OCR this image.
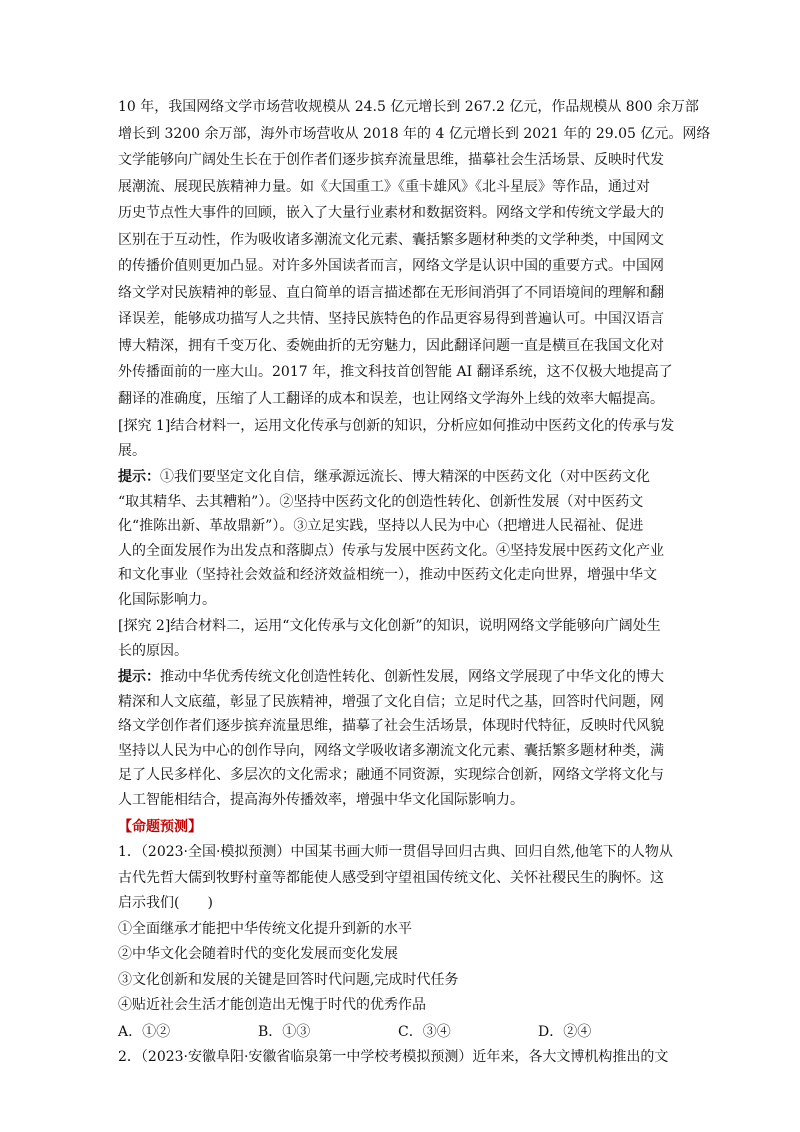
10 年，我国网络文学市场营收规模从 24.5 亿元增长到 267.2 亿元，作品规模从 800 余万部

增长到 3200 余万部，海外市场营收从 2018 年的 4 亿元增长到 2021 年的 29.05 亿元。网络

文学能够向广阔处生长在于创作者们逐步摈弃流量思维，描摹社会生活场景、反映时代发

展潮流、展现民族精神力量。如《大国重工》《重卡雄风》《北斗星辰》等作品，通过对

历史节点性大事件的回顾，嵌入了大量行业素材和数据资料。网络文学和传统文学最大的

区别在于互动性，作为吸收诸多潮流文化元素、囊括繁多题材种类的文学种类，中国网文

的传播价值则更加凸显。对许多外国读者而言，网络文学是认识中国的重要方式。中国网

络文学对民族精神的彰显、直白简单的语言描述都在无形间消弭了不同语境间的理解和翻

译误差，能够成功描写人之共情、坚持民族特色的作品更容易得到普遍认可。中国汉语言

博大精深，拥有千变万化、委婉曲折的无穷魅力，因此翻译问题一直是横亘在我国文化对

外传播面前的一座大山。2017 年，推文科技首创智能 AI 翻译系统，这不仅极大地提高了

翻译的准确度，压缩了人工翻译的成本和误差，也让网络文学海外上线的效率大幅提高。

[探究 1]结合材料一，运用文化传承与创新的知识，分析应如何推动中医药文化的传承与发

展。

提示：①我们要坚定文化自信，继承源远流长、博大精深的中医药文化（对中医药文化

“取其精华、去其糟粕”）。②坚持中医药文化的创造性转化、创新性发展（对中医药文

化“推陈出新、革故鼎新”）。③立足实践，坚持以人民为中心（把增进人民福祉、促进

人的全面发展作为出发点和落脚点）传承与发展中医药文化。④坚持发展中医药文化产业

和文化事业（坚持社会效益和经济效益相统一），推动中医药文化走向世界，增强中华文

化国际影响力。

[探究 2]结合材料二，运用“文化传承与文化创新”的知识，说明网络文学能够向广阔处生

长的原因。

提示：推动中华优秀传统文化创造性转化、创新性发展，网络文学展现了中华文化的博大

精深和人文底蕴，彰显了民族精神，增强了文化自信；立足时代之基，回答时代问题，网

络文学创作者们逐步摈弃流量思维，描摹了社会生活场景，体现时代特征，反映时代风貌

坚持以人民为中心的创作导向，网络文学吸收诸多潮流文化元素、囊括繁多题材种类，满

足了人民多样化、多层次的文化需求；融通不同资源，实现综合创新，网络文学将文化与

人工智能相结合，提高海外传播效率，增强中华文化国际影响力。

【命题预测】

1．（2023·全国·模拟预测）中国某书画大师一贯倡导回归古典、回归自然,他笔下的人物从

古代先哲大儒到牧野村童等都能使人感受到守望祖国传统文化、关怀社稷民生的胸怀。这

启示我们(　　)

①全面继承才能把中华传统文化提升到新的水平

②中华文化会随着时代的变化发展而变化发展

③文化创新和发展的关键是回答时代问题,完成时代任务

④贴近社会生活才能创造出无愧于时代的优秀作品

A．①②	B．①③	C．③④	D．②④

2．（2023·安徽阜阳·安徽省临泉第一中学校考模拟预测）近年来，各大文博机构推出的文
